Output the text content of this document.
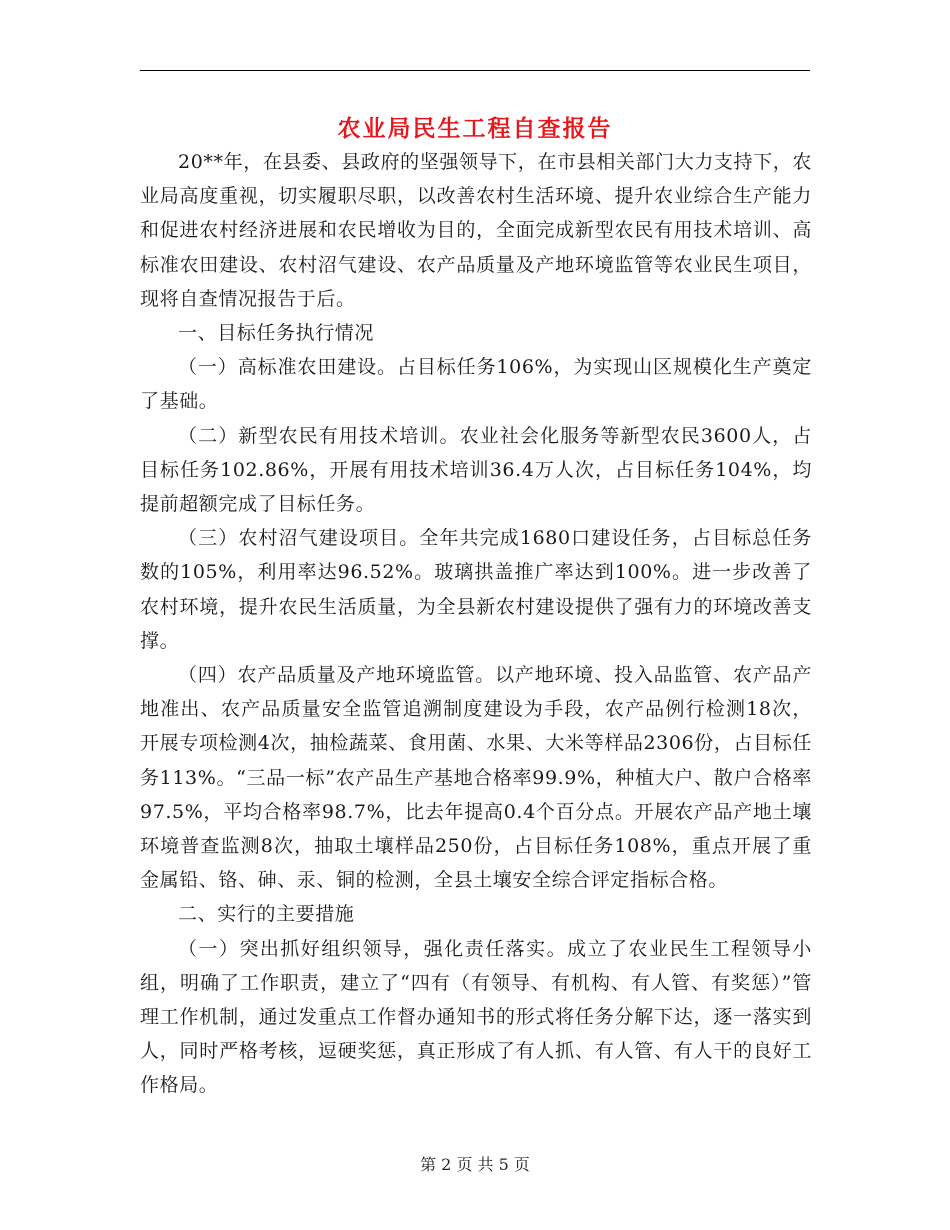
农业局民生工程自查报告

20**年，在县委、县政府的坚强领导下，在市县相关部门大力支持下，农业局高度重视，切实履职尽职，以改善农村生活环境、提升农业综合生产能力和促进农村经济进展和农民增收为目的，全面完成新型农民有用技术培训、高标准农田建设、农村沼气建设、农产品质量及产地环境监管等农业民生项目，现将自查情况报告于后。

一、目标任务执行情况

（一）高标准农田建设。占目标任务106%，为实现山区规模化生产奠定了基础。

（二）新型农民有用技术培训。农业社会化服务等新型农民3600人，占目标任务102.86%，开展有用技术培训36.4万人次，占目标任务104%，均提前超额完成了目标任务。

（三）农村沼气建设项目。全年共完成1680口建设任务，占目标总任务数的105%，利用率达96.52%。玻璃拱盖推广率达到100%。进一步改善了农村环境，提升农民生活质量，为全县新农村建设提供了强有力的环境改善支撑。

（四）农产品质量及产地环境监管。以产地环境、投入品监管、农产品产地准出、农产品质量安全监管追溯制度建设为手段，农产品例行检测18次，开展专项检测4次，抽检蔬菜、食用菌、水果、大米等样品2306份，占目标任务113%。“三品一标”农产品生产基地合格率99.9%，种植大户、散户合格率97.5%，平均合格率98.7%，比去年提高0.4个百分点。开展农产品产地土壤环境普查监测8次，抽取土壤样品250份，占目标任务108%，重点开展了重金属铅、铬、砷、汞、铜的检测，全县土壤安全综合评定指标合格。

二、实行的主要措施

（一）突出抓好组织领导，强化责任落实。成立了农业民生工程领导小组，明确了工作职责，建立了“四有（有领导、有机构、有人管、有奖惩）”管理工作机制，通过发重点工作督办通知书的形式将任务分解下达，逐一落实到人，同时严格考核，逗硬奖惩，真正形成了有人抓、有人管、有人干的良好工作格局。

第 2 页 共 5 页
